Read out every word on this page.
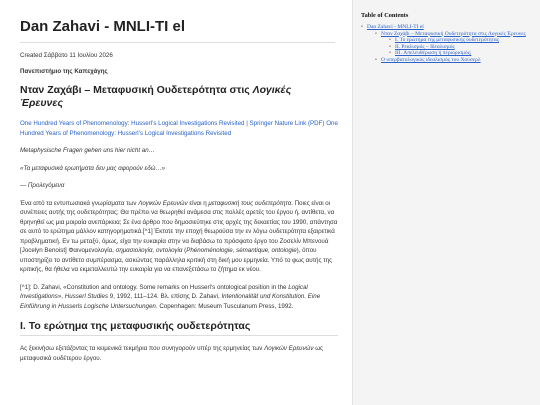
Dan Zahavi - MNLI-TI el
Created Σάββατο 11 Ιουλίου 2026
Πανεπιστήμιο της Καπεχάγης
Νταν Ζαχάβι – Μεταφυσική Ουδετερότητα στις Λογικές Έρευνες
One Hundred Years of Phenomenology: Husserl’s Logical Investigations Revisited | Springer Nature Link (PDF) One Hundred Years of Phenomenology: Husserl’s Logical Investigations Revisited
Metaphysische Fragen gehen uns hier nicht an…
«Τα μεταφυσικά ερωτήματα δεν μας αφορούν εδώ…»
— Προλεγόμενα
Ένα από τα εντυπωσιακά γνωρίσματα των Λογικών Ερευνών είναι η μεταφυσική τους ουδετερότητα. Ποιες είναι οι συνέπειες αυτής της ουδετερότητας; Θα πρέπει να θεωρηθεί ανάμεσα στις πολλές αρετές του έργου ή, αντίθετα, να θρηνηθεί ως μια μοιραία ανεπάρκεια; Σε ένα άρθρο που δημοσιεύτηκε στις αρχές της δεκαετίας του 1990, απάντησα σε αυτό το ερώτημα μάλλον κατηγορηματικά.[^1] Έκτοτε την εποχή θεωρούσα την εν λόγω ουδετερότητα εξαιρετικά προβληματική. Εν τω μεταξύ, όμως, είχα την ευκαιρία στην να διαβάσω το πρόσφατο έργο του Ζοσελίν Μπενουά [Jocelyn Benoist] Φαινομενολογία, σημασιολογία, οντολογία (Phénoménologie, sémantique, ontologie), όπου υποστηρίζει το αντίθετο συμπέρασμα, ασκώντας παράλληλα κριτική στη δική μου ερμηνεία. Υπό το φως αυτής της κριτικής, θα ήθελα να εκμεταλλευτώ την ευκαιρία για να επανεξετάσω το ζήτημα εκ νέου.
[^1]: D. Zahavi, «Constitution and ontology. Some remarks on Husserl’s ontological position in the Logical Investigations», Husserl Studies 9, 1992, 111–124. Βλ. επίσης D. Zahavi, Intentionalität und Konstitution. Eine Einführung in Husserls Logische Untersuchungen. Copenhagen: Museum Tusculanum Press, 1992.
I. Το ερώτημα της μεταφυσικής ουδετερότητας
Ας ξεκινήσω εξετάζοντας τα κειμενικά τεκμήρια που συνηγορούν υπέρ της ερμηνείας των Λογικών Ερευνών ως μεταφυσικά ουδέτερου έργου.
Table of Contents
• Dan Zahavi - MNLI-TI el
• Νταν Ζαχάβι – Μεταφυσική Ουδετερότητα στις Λογικές Έρευνες
• I. Το ερώτημα της μεταφυσικής ουδετερότητας
• II. Ρεαλισμός – Ιδεαλισμός
• III. Απελευθέρωση ή περιορισμός;
• Ο υπερβατολογικός ιδεαλισμός του Χούσερλ
